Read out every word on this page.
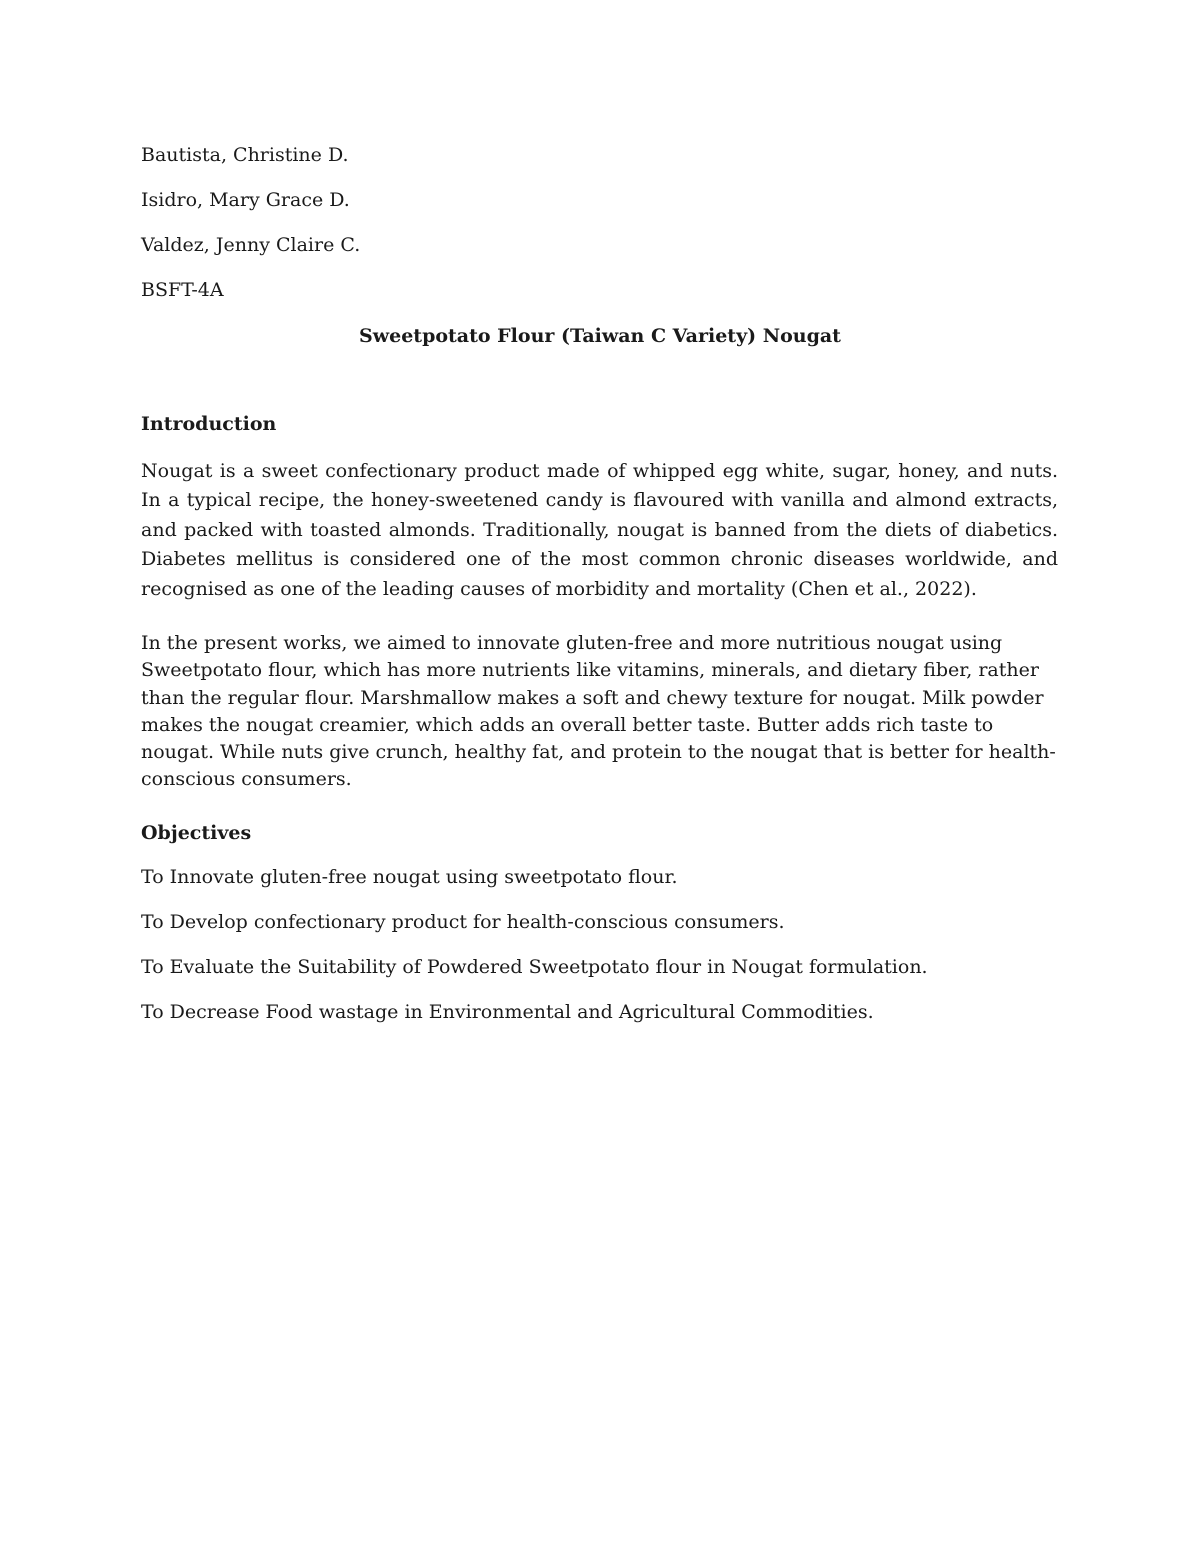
Bautista, Christine D.
Isidro, Mary Grace D.
Valdez, Jenny Claire C.
BSFT-4A
Sweetpotato Flour (Taiwan C Variety) Nougat
Introduction
Nougat is a sweet confectionary product made of whipped egg white, sugar, honey, and nuts. In a typical recipe, the honey-sweetened candy is flavoured with vanilla and almond extracts, and packed with toasted almonds. Traditionally, nougat is banned from the diets of diabetics. Diabetes mellitus is considered one of the most common chronic diseases worldwide, and recognised as one of the leading causes of morbidity and mortality (Chen et al., 2022).
In the present works, we aimed to innovate gluten-free and more nutritious nougat using Sweetpotato flour, which has more nutrients like vitamins, minerals, and dietary fiber, rather than the regular flour. Marshmallow makes a soft and chewy texture for nougat. Milk powder makes the nougat creamier, which adds an overall better taste. Butter adds rich taste to nougat. While nuts give crunch, healthy fat, and protein to the nougat that is better for health-conscious consumers.
Objectives
To Innovate gluten-free nougat using sweetpotato flour.
To Develop confectionary product for health-conscious consumers.
To Evaluate the Suitability of Powdered Sweetpotato flour in Nougat formulation.
To Decrease Food wastage in Environmental and Agricultural Commodities.
